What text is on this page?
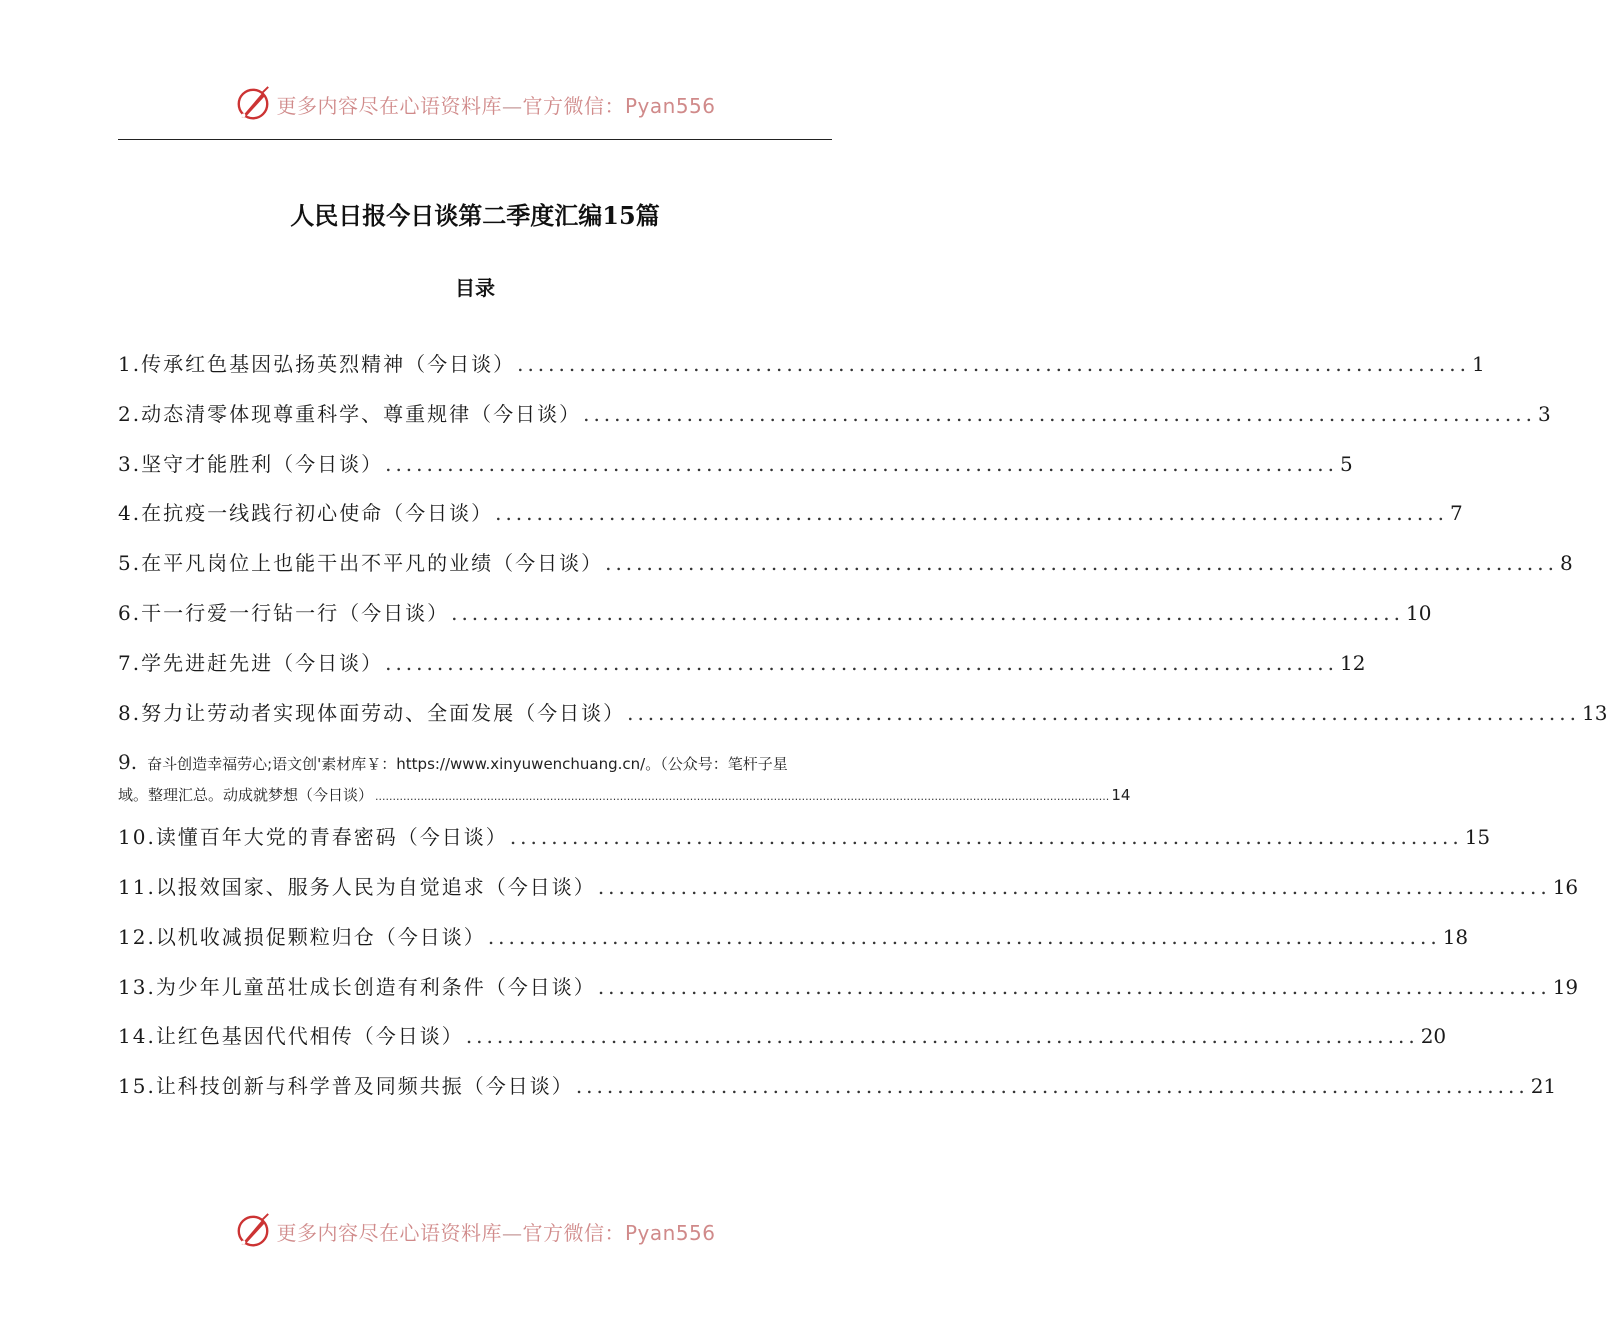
更多内容尽在心语资料库—官方微信：Pyan556
人民日报今日谈第二季度汇编15篇
目录
1. 传承红色基因弘扬英烈精神（今日谈） ............................................................................................ 1
2. 动态清零体现尊重科学、尊重规律（今日谈） ............................................................................................ 3
3. 坚守才能胜利（今日谈） ............................................................................................ 5
4. 在抗疫一线践行初心使命（今日谈） ............................................................................................ 7
5. 在平凡岗位上也能干出不平凡的业绩（今日谈） ............................................................................................ 8
6. 干一行爱一行钻一行（今日谈） ............................................................................................ 10
7. 学先进赶先进（今日谈） ............................................................................................ 12
8. 努力让劳动者实现体面劳动、全面发展（今日谈） ............................................................................................ 13
9. 奋斗创造幸福劳心;语文创'素材库￥：https://www.xinyuwenchuang.cn/。（公众号：笔杆子星
域。整理汇总。动成就梦想（今日谈） .................................................................................................................................................................................................................. 14
10. 读懂百年大党的青春密码（今日谈） ............................................................................................ 15
11. 以报效国家、服务人民为自觉追求（今日谈） ............................................................................................ 16
12. 以机收减损促颗粒归仓（今日谈） ............................................................................................ 18
13. 为少年儿童茁壮成长创造有利条件（今日谈） ............................................................................................ 19
14. 让红色基因代代相传（今日谈） ............................................................................................ 20
15. 让科技创新与科学普及同频共振（今日谈） ............................................................................................ 21
更多内容尽在心语资料库—官方微信：Pyan556
